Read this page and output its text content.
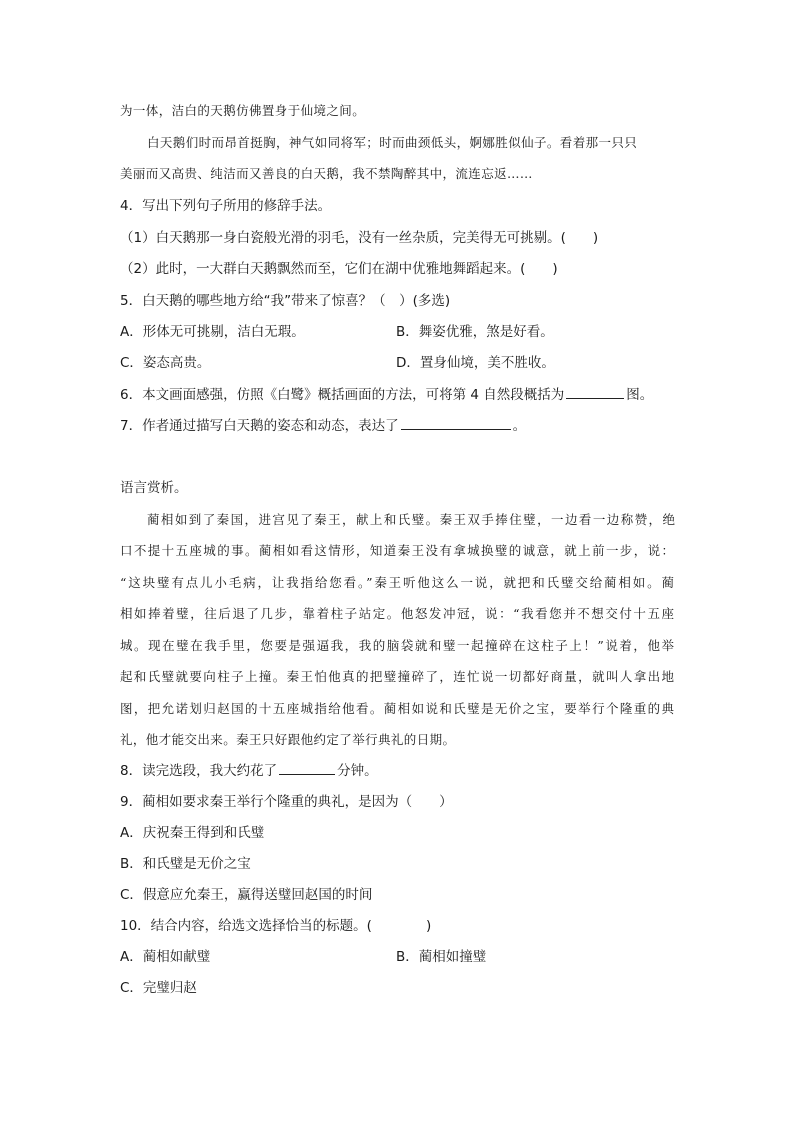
为一体，洁白的天鹅仿佛置身于仙境之间。
白天鹅们时而昂首挺胸，神气如同将军；时而曲颈低头，婀娜胜似仙子。看着那一只只
美丽而又高贵、纯洁而又善良的白天鹅，我不禁陶醉其中，流连忘返……
4．写出下列句子所用的修辞手法。
（1）白天鹅那一身白瓷般光滑的羽毛，没有一丝杂质，完美得无可挑剔。(　　)
（2）此时，一大群白天鹅飘然而至，它们在湖中优雅地舞蹈起来。(　　)
5．白天鹅的哪些地方给“我”带来了惊喜？（　）(多选)
A．形体无可挑剔，洁白无瑕。	B．舞姿优雅，煞是好看。
C．姿态高贵。	D．置身仙境，美不胜收。
6．本文画面感强，仿照《白鹭》概括画面的方法，可将第 4 自然段概括为	图。
7．作者通过描写白天鹅的姿态和动态，表达了	。
语言赏析。
蔺相如到了秦国，进宫见了秦王，献上和氏璧。秦王双手捧住璧，一边看一边称赞，绝
口不提十五座城的事。蔺相如看这情形，知道秦王没有拿城换璧的诚意，就上前一步，说：
“这块璧有点儿小毛病，让我指给您看。”秦王听他这么一说，就把和氏璧交给蔺相如。蔺
相如捧着璧，往后退了几步，靠着柱子站定。他怒发冲冠，说：“我看您并不想交付十五座
城。现在璧在我手里，您要是强逼我，我的脑袋就和璧一起撞碎在这柱子上！”说着，他举
起和氏璧就要向柱子上撞。秦王怕他真的把璧撞碎了，连忙说一切都好商量，就叫人拿出地
图，把允诺划归赵国的十五座城指给他看。蔺相如说和氏璧是无价之宝，要举行个隆重的典
礼，他才能交出来。秦王只好跟他约定了举行典礼的日期。
8．读完选段，我大约花了	分钟。
9．蔺相如要求秦王举行个隆重的典礼，是因为（　　）
A．庆祝秦王得到和氏璧
B．和氏璧是无价之宝
C．假意应允秦王，赢得送璧回赵国的时间
10．结合内容，给选文选择恰当的标题。(　　　　)
A．蔺相如献璧	B．蔺相如撞璧
C．完璧归赵
